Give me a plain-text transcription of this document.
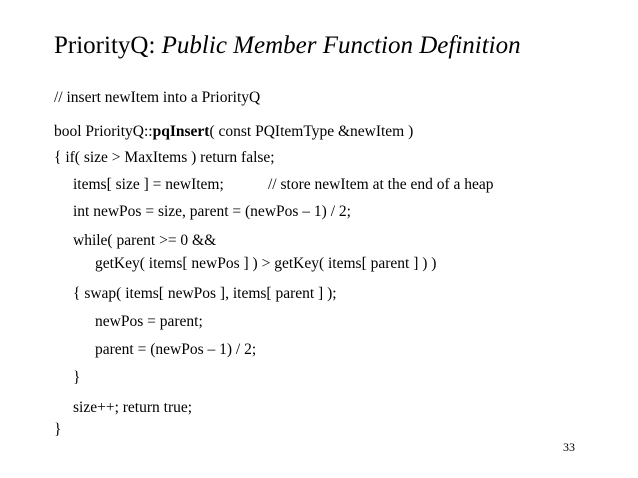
PriorityQ: Public Member Function Definition
// insert newItem into a PriorityQ
bool PriorityQ::pqInsert( const PQItemType &newItem )
{ if( size > MaxItems ) return false;
items[ size ] = newItem;	// store newItem at the end of a heap
int newPos = size, parent = (newPos – 1) / 2;
while( parent >= 0 &&
getKey( items[ newPos ] ) > getKey( items[ parent ] ) )
{ swap( items[ newPos ], items[ parent ] );
newPos = parent;
parent = (newPos – 1) / 2;
}
size++; return true;
}
33
